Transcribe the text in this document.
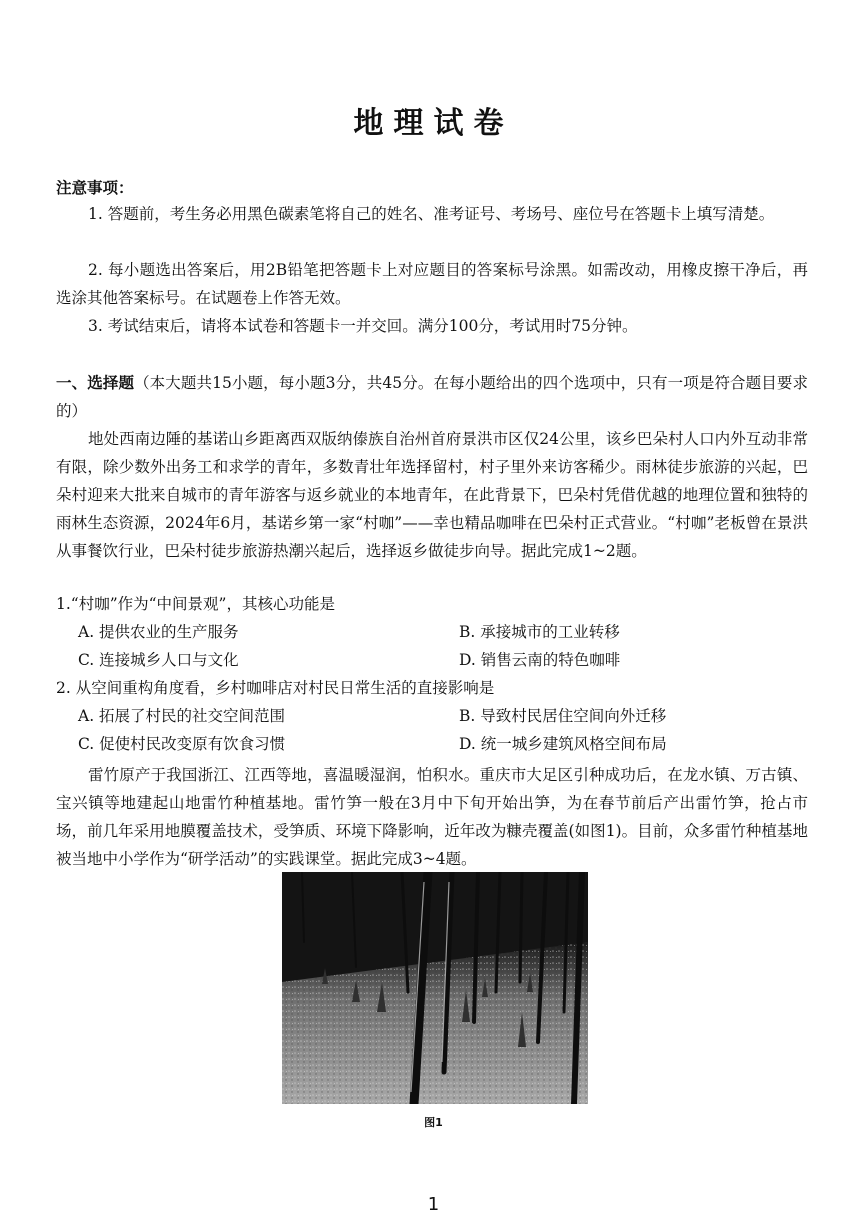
地理试卷
注意事项：
1. 答题前，考生务必用黑色碳素笔将自己的姓名、准考证号、考场号、座位号在答题卡上填写清楚。
2. 每小题选出答案后，用2B铅笔把答题卡上对应题目的答案标号涂黑。如需改动，用橡皮擦干净后，再选涂其他答案标号。在试题卷上作答无效。
3. 考试结束后，请将本试卷和答题卡一并交回。满分100分，考试用时75分钟。
一、选择题（本大题共15小题，每小题3分，共45分。在每小题给出的四个选项中，只有一项是符合题目要求的）
地处西南边陲的基诺山乡距离西双版纳傣族自治州首府景洪市区仅24公里，该乡巴朵村人口内外互动非常有限，除少数外出务工和求学的青年，多数青壮年选择留村，村子里外来访客稀少。雨林徒步旅游的兴起，巴朵村迎来大批来自城市的青年游客与返乡就业的本地青年，在此背景下，巴朵村凭借优越的地理位置和独特的雨林生态资源，2024年6月，基诺乡第一家“村咖”——幸也精品咖啡在巴朵村正式营业。“村咖”老板曾在景洪从事餐饮行业，巴朵村徒步旅游热潮兴起后，选择返乡做徒步向导。据此完成1~2题。
1.“村咖”作为“中间景观”，其核心功能是
A. 提供农业的生产服务	B. 承接城市的工业转移
C. 连接城乡人口与文化	D. 销售云南的特色咖啡
2. 从空间重构角度看，乡村咖啡店对村民日常生活的直接影响是
A. 拓展了村民的社交空间范围	B. 导致村民居住空间向外迁移
C. 促使村民改变原有饮食习惯	D. 统一城乡建筑风格空间布局
雷竹原产于我国浙江、江西等地，喜温暖湿润，怕积水。重庆市大足区引种成功后，在龙水镇、万古镇、宝兴镇等地建起山地雷竹种植基地。雷竹笋一般在3月中下旬开始出笋，为在春节前后产出雷竹笋，抢占市场，前几年采用地膜覆盖技术，受笋质、环境下降影响，近年改为糠壳覆盖(如图1)。目前，众多雷竹种植基地被当地中小学作为“研学活动”的实践课堂。据此完成3~4题。
图1
1
